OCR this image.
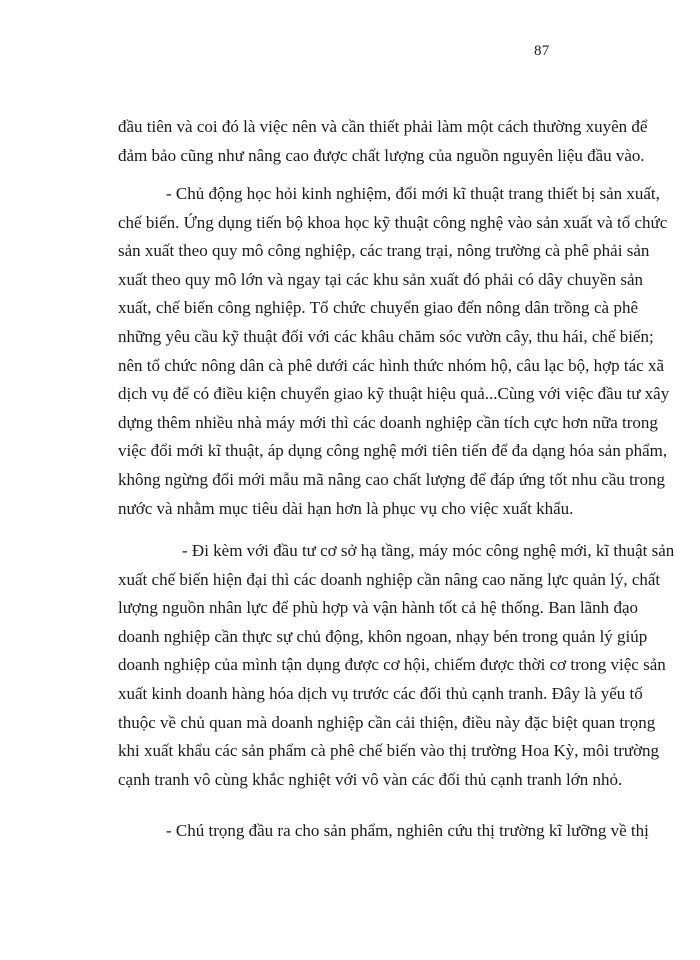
87
đầu tiên và coi đó là việc nên và cần thiết phải làm một cách thường xuyên để
đảm bảo cũng như nâng cao được chất lượng của nguồn nguyên liệu đầu vào.
- Chủ động học hỏi kinh nghiệm, đổi mới kĩ thuật trang thiết bị sản xuất,
chế biến. Ứng dụng tiến bộ khoa học kỹ thuật công nghệ vào sản xuất và tổ chức
sản xuất theo quy mô công nghiệp, các trang trại, nông trường cà phê phải sản
xuất theo quy mô lớn và ngay tại các khu sản xuất đó phải có dây chuyền sản
xuất, chế biến công nghiệp. Tổ chức chuyển giao đến nông dân trồng cà phê
những yêu cầu kỹ thuật đối với các khâu chăm sóc vườn cây, thu hái, chế biến;
nên tổ chức nông dân cà phê dưới các hình thức nhóm hộ, câu lạc bộ, hợp tác xã
dịch vụ để có điều kiện chuyển giao kỹ thuật hiệu quả...Cùng với việc đầu tư xây
dựng thêm nhiều nhà máy mới thì các doanh nghiệp cần tích cực hơn nữa trong
việc đổi mới kĩ thuật, áp dụng công nghệ mới tiên tiến để đa dạng hóa sản phẩm,
không ngừng đổi mới mẫu mã nâng cao chất lượng để đáp ứng tốt nhu cầu trong
nước và nhằm mục tiêu dài hạn hơn là phục vụ cho việc xuất khẩu.
- Đi kèm với đầu tư cơ sở hạ tầng, máy móc công nghệ mới, kĩ thuật sản
xuất chế biến hiện đại thì các doanh nghiệp cần nâng cao năng lực quản lý, chất
lượng nguồn nhân lực để phù hợp và vận hành tốt cả hệ thống. Ban lãnh đạo
doanh nghiệp cần thực sự chủ động, khôn ngoan, nhạy bén trong quản lý giúp
doanh nghiệp của mình tận dụng được cơ hội, chiếm được thời cơ trong việc sản
xuất kinh doanh hàng hóa dịch vụ trước các đối thủ cạnh tranh. Đây là yếu tố
thuộc về chủ quan mà doanh nghiệp cần cải thiện, điều này đặc biệt quan trọng
khi xuất khẩu các sản phẩm cà phê chế biến vào thị trường Hoa Kỳ, môi trường
cạnh tranh vô cùng khắc nghiệt với vô vàn các đối thủ cạnh tranh lớn nhỏ.
- Chú trọng đầu ra cho sản phẩm, nghiên cứu thị trường kĩ lưỡng về thị
